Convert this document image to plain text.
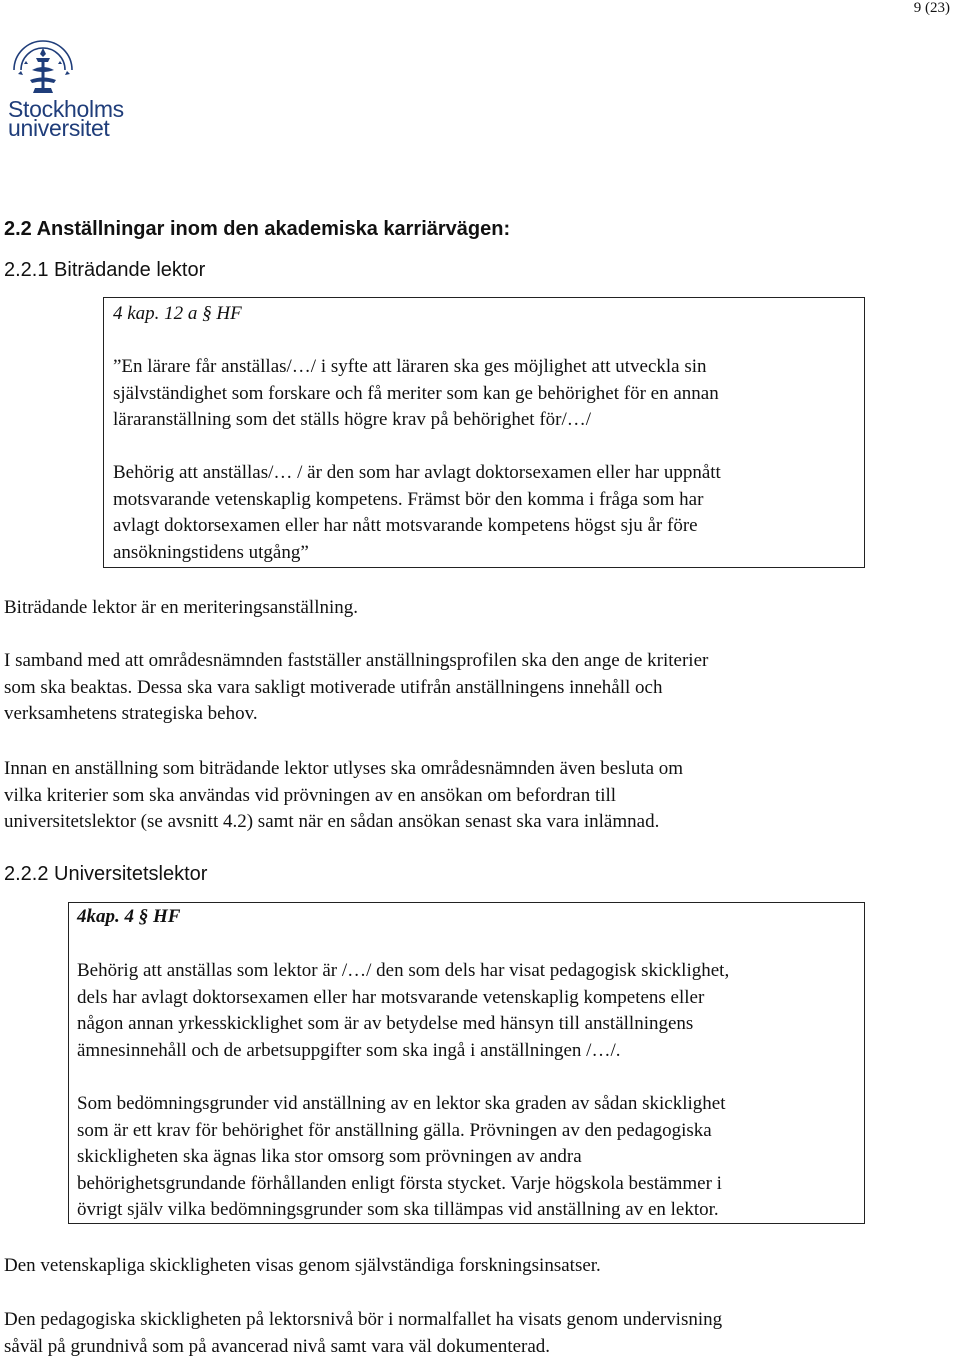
9 (23)
Stockholms
universitet
2.2 Anställningar inom den akademiska karriärvägen:
2.2.1 Biträdande lektor
4 kap. 12 a § HF
”En lärare får anställas/…/ i syfte att läraren ska ges möjlighet att utveckla sin
självständighet som forskare och få meriter som kan ge behörighet för en annan
läraranställning som det ställs högre krav på behörighet för/…/
Behörig att anställas/… / är den som har avlagt doktorsexamen eller har uppnått
motsvarande vetenskaplig kompetens. Främst bör den komma i fråga som har
avlagt doktorsexamen eller har nått motsvarande kompetens högst sju år före
ansökningstidens utgång”
Biträdande lektor är en meriteringsanställning.
I samband med att områdesnämnden fastställer anställningsprofilen ska den ange de kriterier
som ska beaktas. Dessa ska vara sakligt motiverade utifrån anställningens innehåll och
verksamhetens strategiska behov.
Innan en anställning som biträdande lektor utlyses ska områdesnämnden även besluta om
vilka kriterier som ska användas vid prövningen av en ansökan om befordran till
universitetslektor (se avsnitt 4.2) samt när en sådan ansökan senast ska vara inlämnad.
2.2.2 Universitetslektor
4kap. 4 § HF
Behörig att anställas som lektor är /…/ den som dels har visat pedagogisk skicklighet,
dels har avlagt doktorsexamen eller har motsvarande vetenskaplig kompetens eller
någon annan yrkesskicklighet som är av betydelse med hänsyn till anställningens
ämnesinnehåll och de arbetsuppgifter som ska ingå i anställningen /…/.
Som bedömningsgrunder vid anställning av en lektor ska graden av sådan skicklighet
som är ett krav för behörighet för anställning gälla. Prövningen av den pedagogiska
skickligheten ska ägnas lika stor omsorg som prövningen av andra
behörighetsgrundande förhållanden enligt första stycket. Varje högskola bestämmer i
övrigt själv vilka bedömningsgrunder som ska tillämpas vid anställning av en lektor.
Den vetenskapliga skickligheten visas genom självständiga forskningsinsatser.
Den pedagogiska skickligheten på lektorsnivå bör i normalfallet ha visats genom undervisning
såväl på grundnivå som på avancerad nivå samt vara väl dokumenterad.
